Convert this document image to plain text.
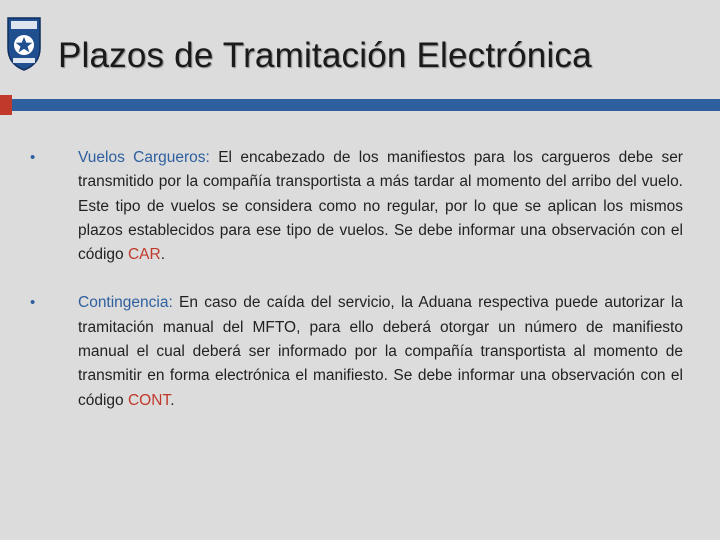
Plazos de Tramitación Electrónica
•	Vuelos Cargueros: El encabezado de los manifiestos para los cargueros debe ser transmitido por la compañía transportista a más tardar al momento del arribo del vuelo. Este tipo de vuelos se considera como no regular, por lo que se aplican los mismos plazos establecidos para ese tipo de vuelos. Se debe informar una observación con el código CAR.
•	Contingencia: En caso de caída del servicio, la Aduana respectiva puede autorizar la tramitación manual del MFTO, para ello deberá otorgar un número de manifiesto manual el cual deberá ser informado por la compañía transportista al momento de transmitir en forma electrónica el manifiesto. Se debe informar una observación con el código CONT.
